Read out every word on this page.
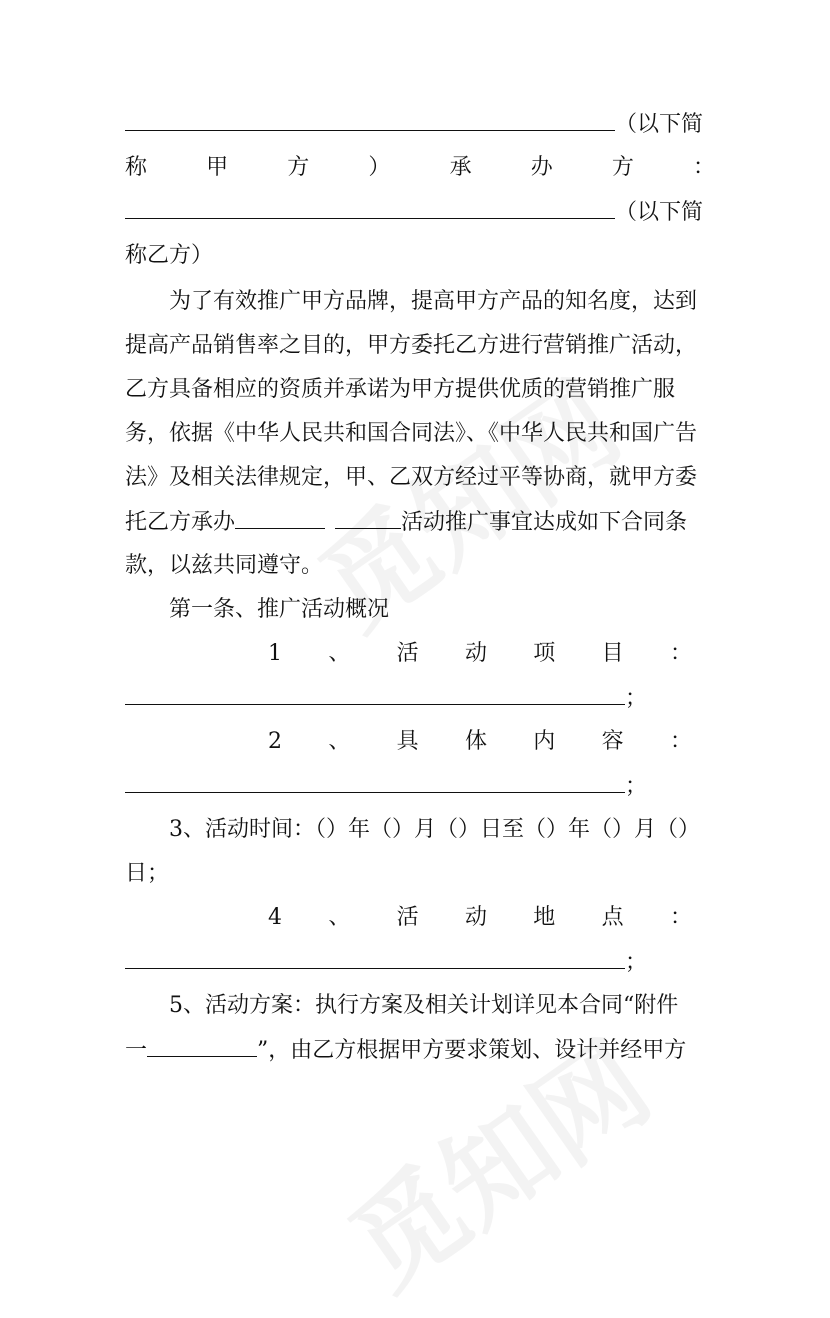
（以下简
称	甲	方	）	承	办	方	：
（以下简
称乙方）
为了有效推广甲方品牌，提高甲方产品的知名度，达到
提高产品销售率之目的，甲方委托乙方进行营销推广活动，
乙方具备相应的资质并承诺为甲方提供优质的营销推广服
务，依据《中华人民共和国合同法》、《中华人民共和国广告
法》及相关法律规定，甲、乙双方经过平等协商，就甲方委
托乙方承办	活动推广事宜达成如下合同条
款，以兹共同遵守。
第一条、推广活动概况
1 、 活 动 项 目 ：
；
2 、 具 体 内 容 ：
；
3、活动时间：（）年（）月（）日至（）年（）月（）
日；
4 、 活 动 地 点 ：
；
5、活动方案：执行方案及相关计划详见本合同“附件
一	”，由乙方根据甲方要求策划、设计并经甲方
